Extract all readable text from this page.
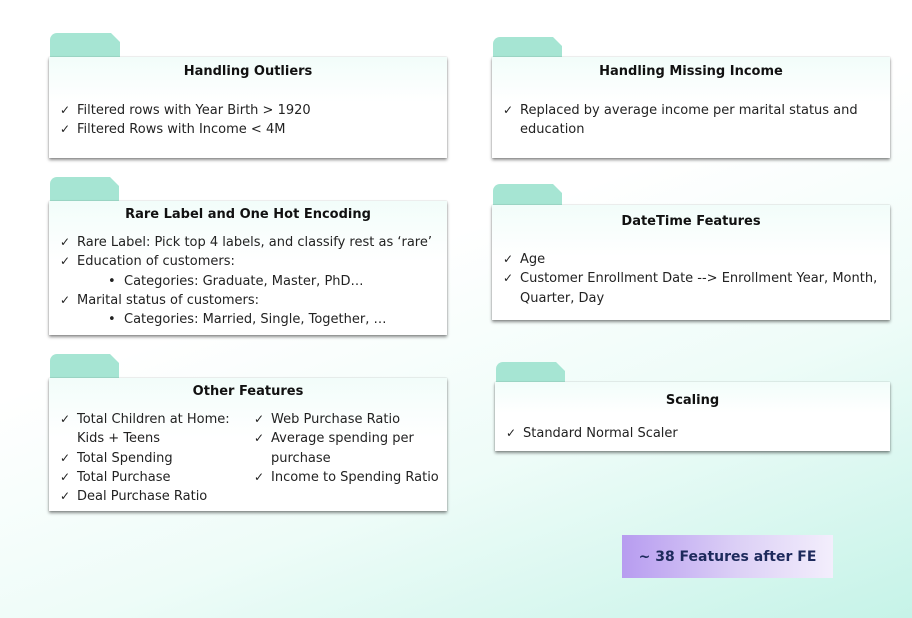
Handling Outliers
✓ Filtered rows with Year Birth > 1920
✓ Filtered Rows with Income < 4M
Handling Missing Income
✓ Replaced by average income per marital status and
education
Rare Label and One Hot Encoding
✓ Rare Label: Pick top 4 labels, and classify rest as ‘rare’
✓ Education of customers:
• Categories: Graduate, Master, PhD…
✓ Marital status of customers:
• Categories: Married, Single, Together, …
DateTime Features
✓ Age
✓ Customer Enrollment Date --> Enrollment Year, Month,
Quarter, Day
Other Features
✓ Total Children at Home:
Kids + Teens
✓ Total Spending
✓ Total Purchase
✓ Deal Purchase Ratio
✓ Web Purchase Ratio
✓ Average spending per
purchase
✓ Income to Spending Ratio
Scaling
✓ Standard Normal Scaler
~ 38 Features after FE
